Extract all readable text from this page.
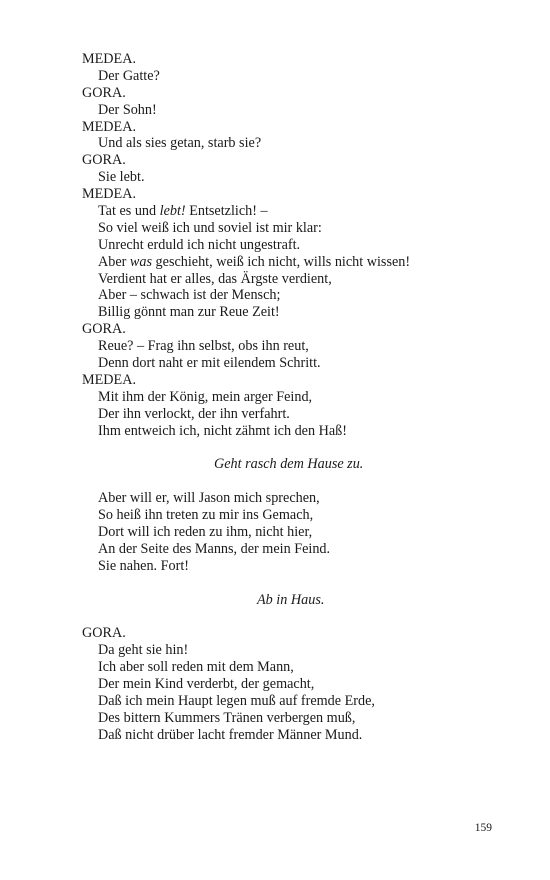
MEDEA.
Der Gatte?
GORA.
Der Sohn!
MEDEA.
Und als sies getan, starb sie?
GORA.
Sie lebt.
MEDEA.
Tat es und lebt! Entsetzlich! –
So viel weiß ich und soviel ist mir klar:
Unrecht erduld ich nicht ungestraft.
Aber was geschieht, weiß ich nicht, wills nicht wissen!
Verdient hat er alles, das Ärgste verdient,
Aber – schwach ist der Mensch;
Billig gönnt man zur Reue Zeit!
GORA.
Reue? – Frag ihn selbst, obs ihn reut,
Denn dort naht er mit eilendem Schritt.
MEDEA.
Mit ihm der König, mein arger Feind,
Der ihn verlockt, der ihn verfahrt.
Ihm entweich ich, nicht zähmt ich den Haß!
Geht rasch dem Hause zu.
Aber will er, will Jason mich sprechen,
So heiß ihn treten zu mir ins Gemach,
Dort will ich reden zu ihm, nicht hier,
An der Seite des Manns, der mein Feind.
Sie nahen. Fort!
Ab in Haus.
GORA.
Da geht sie hin!
Ich aber soll reden mit dem Mann,
Der mein Kind verderbt, der gemacht,
Daß ich mein Haupt legen muß auf fremde Erde,
Des bittern Kummers Tränen verbergen muß,
Daß nicht drüber lacht fremder Männer Mund.
159
